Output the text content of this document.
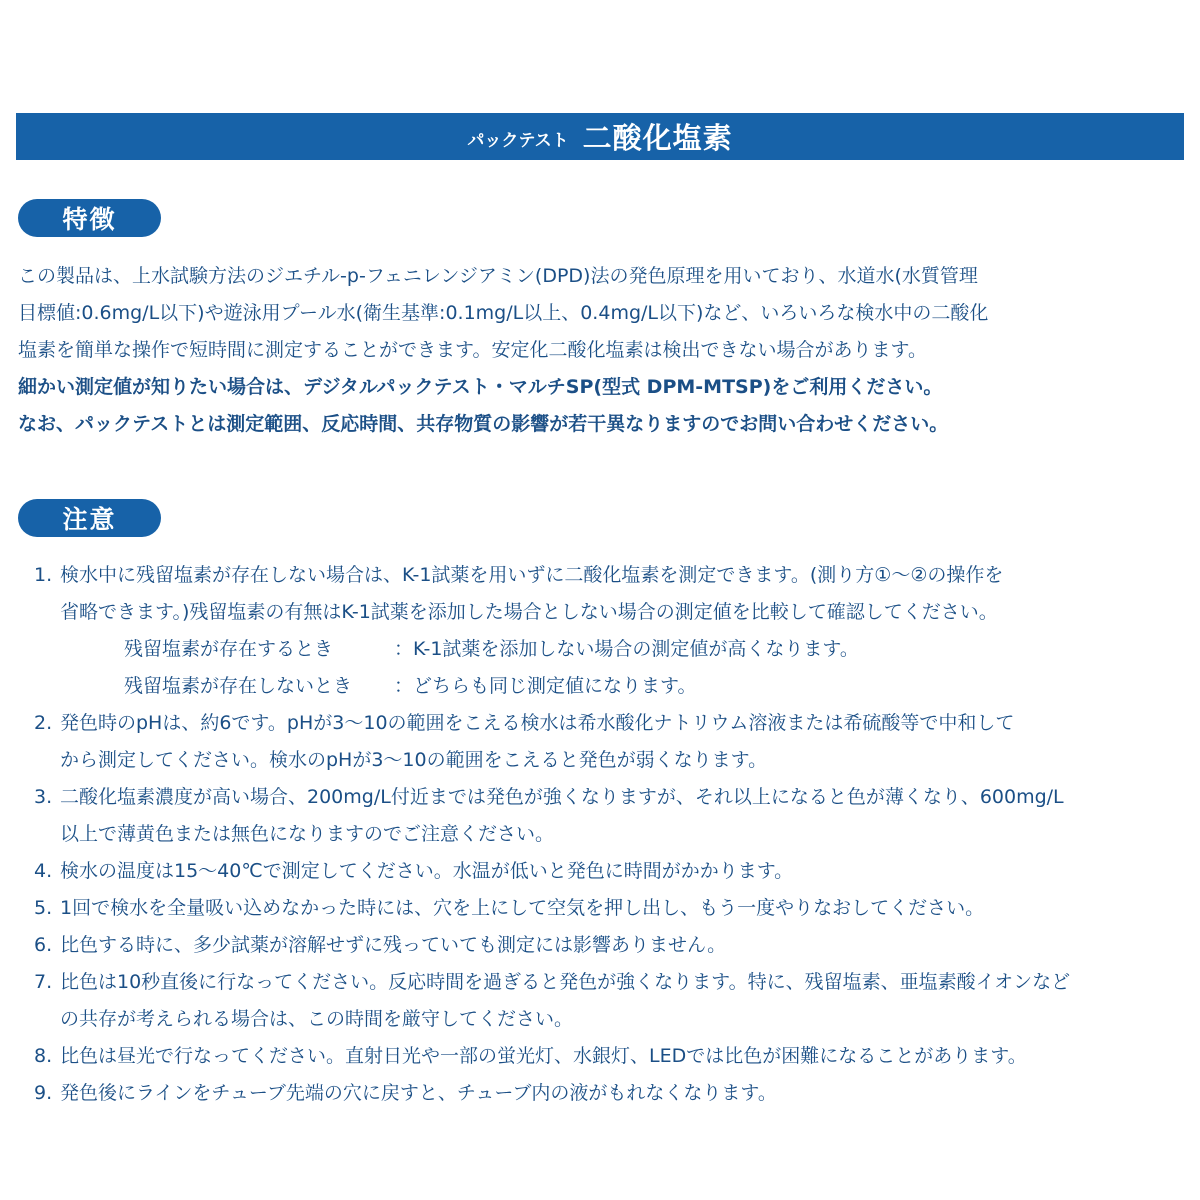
パックテスト 二酸化塩素
特徴
この製品は、上水試験方法のジエチル-p-フェニレンジアミン(DPD)法の発色原理を用いており、水道水(水質管理
目標値:0.6mg/L以下)や遊泳用プール水(衛生基準:0.1mg/L以上、0.4mg/L以下)など、いろいろな検水中の二酸化
塩素を簡単な操作で短時間に測定することができます。安定化二酸化塩素は検出できない場合があります。
細かい測定値が知りたい場合は、デジタルパックテスト・マルチSP(型式 DPM-MTSP)をご利用ください。
なお、パックテストとは測定範囲、反応時間、共存物質の影響が若干異なりますのでお問い合わせください。
注意
1. 検水中に残留塩素が存在しない場合は、K-1試薬を用いずに二酸化塩素を測定できます。(測り方①～②の操作を
省略できます。)残留塩素の有無はK-1試薬を添加した場合としない場合の測定値を比較して確認してください。
残留塩素が存在するとき	：K-1試薬を添加しない場合の測定値が高くなります。
残留塩素が存在しないとき ：どちらも同じ測定値になります。
2. 発色時のpHは、約6です。pHが3～10の範囲をこえる検水は希水酸化ナトリウム溶液または希硫酸等で中和して
から測定してください。検水のpHが3～10の範囲をこえると発色が弱くなります。
3. 二酸化塩素濃度が高い場合、200mg/L付近までは発色が強くなりますが、それ以上になると色が薄くなり、600mg/L
以上で薄黄色または無色になりますのでご注意ください。
4. 検水の温度は15～40℃で測定してください。水温が低いと発色に時間がかかります。
5. 1回で検水を全量吸い込めなかった時には、穴を上にして空気を押し出し、もう一度やりなおしてください。
6. 比色する時に、多少試薬が溶解せずに残っていても測定には影響ありません。
7. 比色は10秒直後に行なってください。反応時間を過ぎると発色が強くなります。特に、残留塩素、亜塩素酸イオンなど
の共存が考えられる場合は、この時間を厳守してください。
8. 比色は昼光で行なってください。直射日光や一部の蛍光灯、水銀灯、LEDでは比色が困難になることがあります。
9. 発色後にラインをチューブ先端の穴に戻すと、チューブ内の液がもれなくなります。
